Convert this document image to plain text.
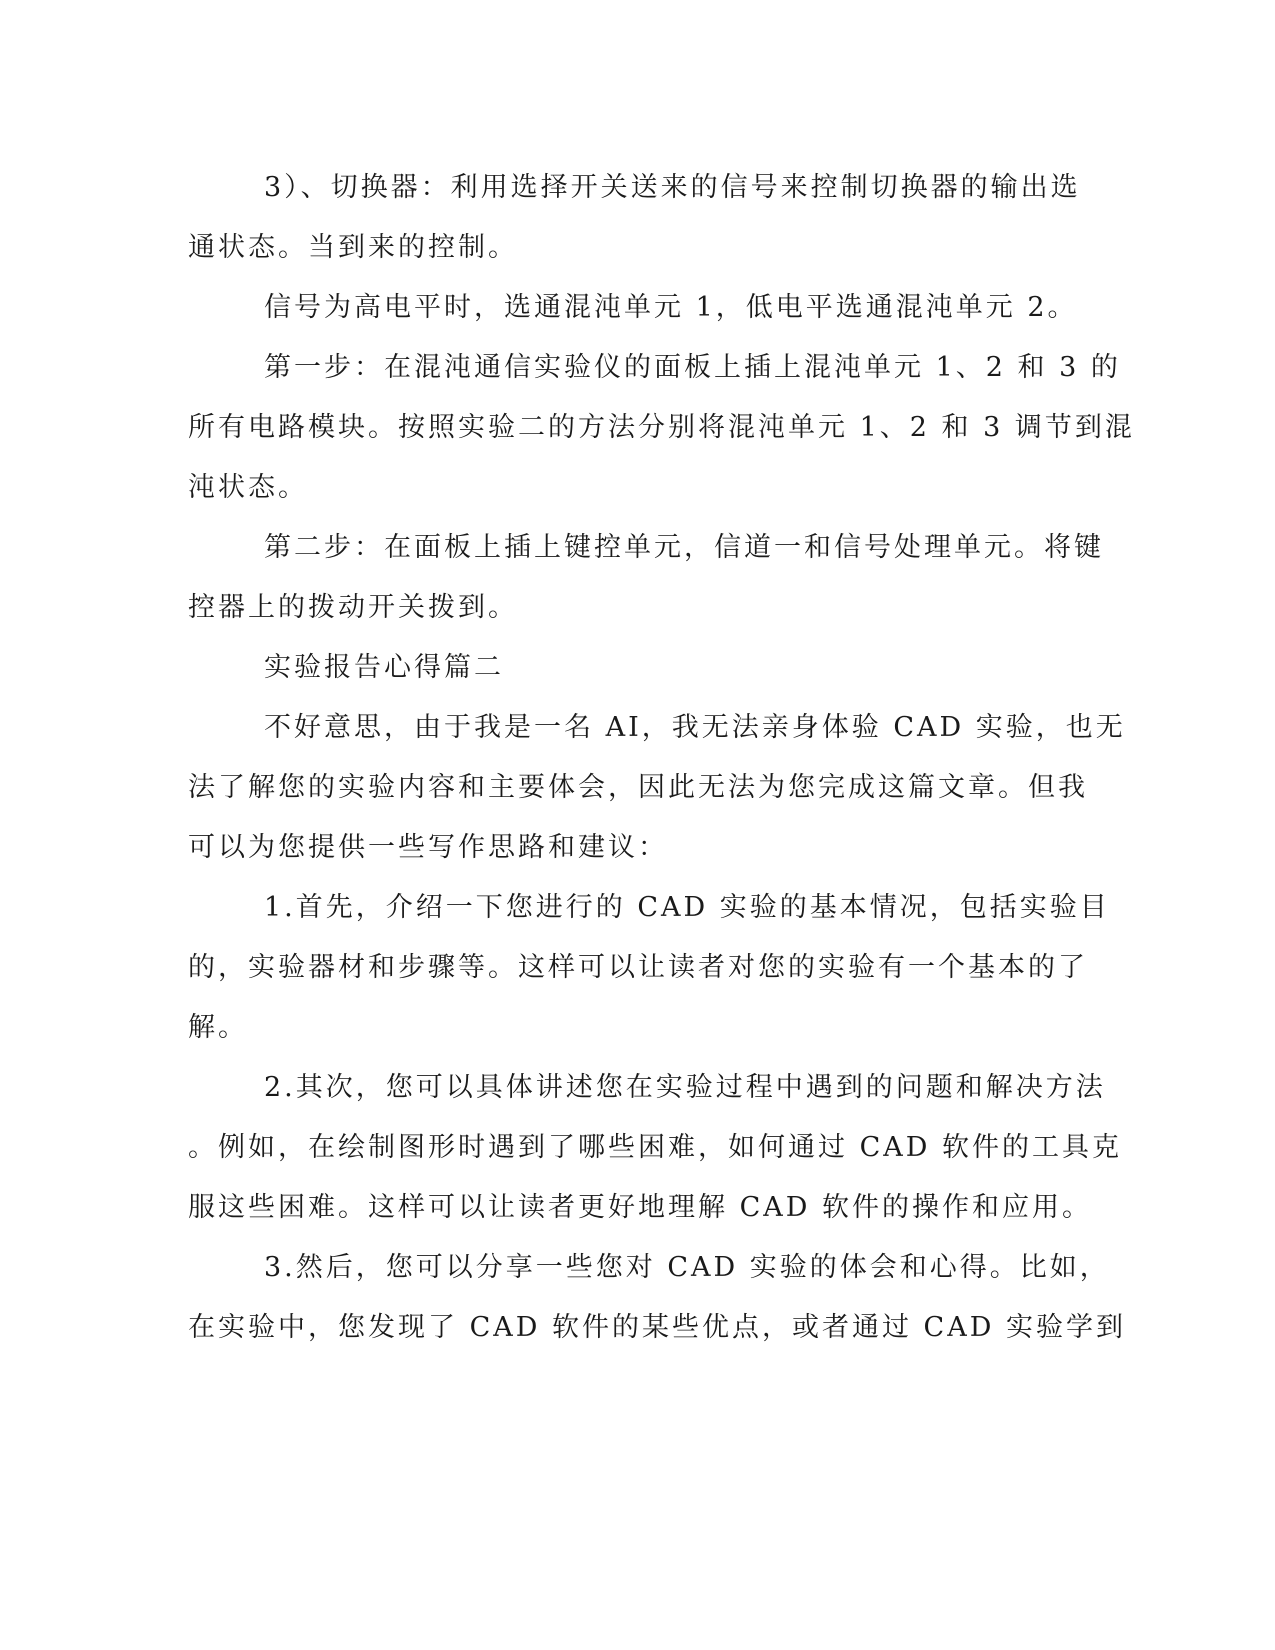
3）、切换器：利用选择开关送来的信号来控制切换器的输出选
通状态。当到来的控制。
信号为高电平时，选通混沌单元 1，低电平选通混沌单元 2。
第一步：在混沌通信实验仪的面板上插上混沌单元 1、2 和 3 的
所有电路模块。按照实验二的方法分别将混沌单元 1、2 和 3 调节到混
沌状态。
第二步：在面板上插上键控单元，信道一和信号处理单元。将键
控器上的拨动开关拨到。
实验报告心得篇二
不好意思，由于我是一名 AI，我无法亲身体验 CAD 实验，也无
法了解您的实验内容和主要体会，因此无法为您完成这篇文章。但我
可以为您提供一些写作思路和建议：
1.首先，介绍一下您进行的 CAD 实验的基本情况，包括实验目
的，实验器材和步骤等。这样可以让读者对您的实验有一个基本的了
解。
2.其次，您可以具体讲述您在实验过程中遇到的问题和解决方法
。例如，在绘制图形时遇到了哪些困难，如何通过 CAD 软件的工具克
服这些困难。这样可以让读者更好地理解 CAD 软件的操作和应用。
3.然后，您可以分享一些您对 CAD 实验的体会和心得。比如，
在实验中，您发现了 CAD 软件的某些优点，或者通过 CAD 实验学到
